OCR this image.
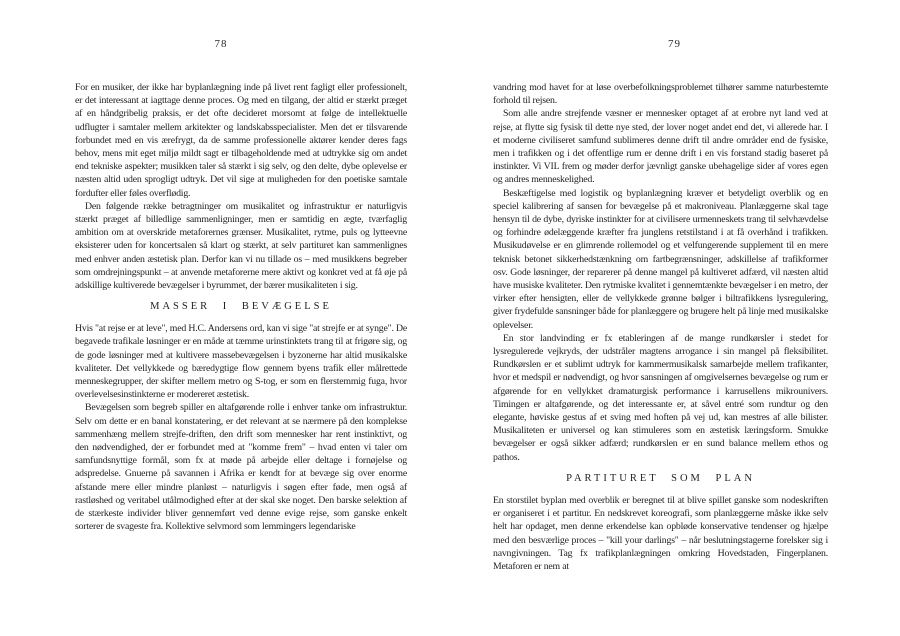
78

For en musiker, der ikke har byplanlægning inde på livet rent fagligt eller professionelt, er det interessant at iagttage denne proces. Og med en tilgang, der altid er stærkt præget af en håndgribelig praksis, er det ofte decideret morsomt at følge de intellektuelle udflugter i samtaler mellem arkitekter og landskabsspecialister. Men det er tilsvarende forbundet med en vis ærefrygt, da de samme professionelle aktører kender deres fags behov, mens mit eget miljø mildt sagt er tilbageholdende med at udtrykke sig om andet end tekniske aspekter; musikken taler så stærkt i sig selv, og den delte, dybe oplevelse er næsten altid uden sprogligt udtryk. Det vil sige at muligheden for den poetiske samtale fordufter eller føles overflødig.

Den følgende række betragtninger om musikalitet og infrastruktur er naturligvis stærkt præget af billedlige sammenligninger, men er samtidig en ægte, tværfaglig ambition om at overskride metaforernes grænser. Musikalitet, rytme, puls og lytteevne eksisterer uden for koncertsalen så klart og stærkt, at selv partituret kan sammenlignes med enhver anden æstetisk plan. Derfor kan vi nu tillade os – med musikkens begreber som omdrejningspunkt – at anvende metaforerne mere aktivt og konkret ved at få øje på adskillige kultiverede bevægelser i byrummet, der bærer musikaliteten i sig.

MASSER I BEVÆGELSE

Hvis "at rejse er at leve", med H.C. Andersens ord, kan vi sige "at strejfe er at synge". De begavede trafikale løsninger er en måde at tæmme urinstinktets trang til at frigøre sig, og de gode løsninger med at kultivere massebevægelsen i byzonerne har altid musikalske kvaliteter. Det vellykkede og bæredygtige flow gennem byens trafik eller målrettede menneskegrupper, der skifter mellem metro og S-tog, er som en flerstemmig fuga, hvor overlevelsesinstinkterne er modereret æstetisk.

Bevægelsen som begreb spiller en altafgørende rolle i enhver tanke om infrastruktur. Selv om dette er en banal konstatering, er det relevant at se nærmere på den komplekse sammenhæng mellem strejfe-driften, den drift som mennesker har rent instinktivt, og den nødvendighed, der er forbundet med at "komme frem" – hvad enten vi taler om samfundsnyttige formål, som fx at møde på arbejde eller deltage i fornøjelse og adspredelse. Gnuerne på savannen i Afrika er kendt for at bevæge sig over enorme afstande mere eller mindre planløst – naturligvis i søgen efter føde, men også af rastløshed og veritabel utålmodighed efter at der skal ske noget. Den barske selektion af de stærkeste individer bliver gennemført ved denne evige rejse, som ganske enkelt sorterer de svageste fra. Kollektive selvmord som lemmingers legendariske

79

vandring mod havet for at løse overbefolkningsproblemet tilhører samme naturbestemte forhold til rejsen.

Som alle andre strejfende væsner er mennesker optaget af at erobre nyt land ved at rejse, at flytte sig fysisk til dette nye sted, der lover noget andet end det, vi allerede har. I et moderne civiliseret samfund sublimeres denne drift til andre områder end de fysiske, men i trafikken og i det offentlige rum er denne drift i en vis forstand stadig baseret på instinkter. Vi VIL frem og møder derfor jævnligt ganske ubehagelige sider af vores egen og andres menneskelighed.

Beskæftigelse med logistik og byplanlægning kræver et betydeligt overblik og en speciel kalibrering af sansen for bevægelse på et makroniveau. Planlæggerne skal tage hensyn til de dybe, dyriske instinkter for at civilisere urmenneskets trang til selvhævdelse og forhindre ødelæggende kræfter fra junglens retstilstand i at få overhånd i trafikken. Musikudøvelse er en glimrende rollemodel og et velfungerende supplement til en mere teknisk betonet sikkerhedstænkning om fartbegrænsninger, adskillelse af trafikformer osv. Gode løsninger, der reparerer på denne mangel på kultiveret adfærd, vil næsten altid have musiske kvaliteter. Den rytmiske kvalitet i gennemtænkte bevægelser i en metro, der virker efter hensigten, eller de vellykkede grønne bølger i biltrafikkens lysregulering, giver frydefulde sansninger både for planlæggere og brugere helt på linje med musikalske oplevelser.

En stor landvinding er fx etableringen af de mange rundkørsler i stedet for lysregulerede vejkryds, der udstråler magtens arrogance i sin mangel på fleksibilitet. Rundkørslen er et sublimt udtryk for kammermusikalsk samarbejde mellem trafikanter, hvor et medspil er nødvendigt, og hvor sansningen af omgivelsernes bevægelse og rum er afgørende for en vellykket dramaturgisk performance i karrusellens mikrounivers. Timingen er altafgørende, og det interessante er, at såvel entré som rundtur og den elegante, høviske gestus af et sving med hoften på vej ud, kan mestres af alle bilister. Musikaliteten er universel og kan stimuleres som en æstetisk læringsform. Smukke bevægelser er også sikker adfærd; rundkørslen er en sund balance mellem ethos og pathos.

PARTITURET SOM PLAN

En storstilet byplan med overblik er beregnet til at blive spillet ganske som nodeskriften er organiseret i et partitur. En nedskrevet koreografi, som planlæggerne måske ikke selv helt har opdaget, men denne erkendelse kan opbløde konservative tendenser og hjælpe med den besværlige proces – "kill your darlings" – når beslutningstagerne forelsker sig i navngivningen. Tag fx trafikplanlægningen omkring Hovedstaden, Fingerplanen. Metaforen er nem at
